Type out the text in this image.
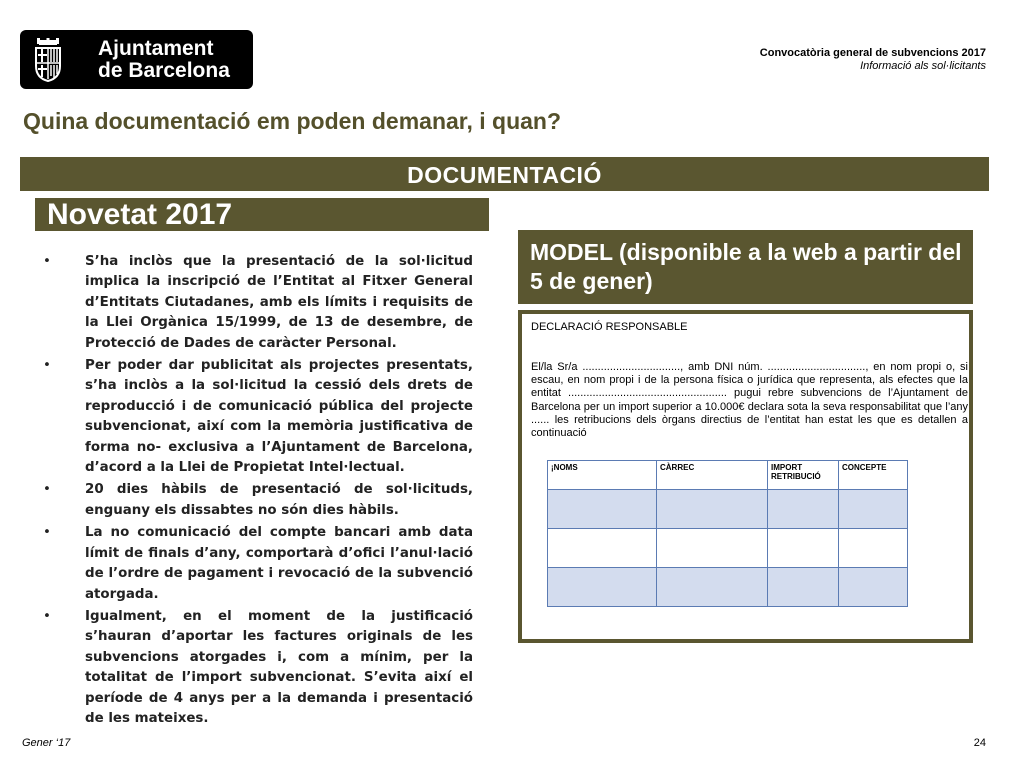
Ajuntament
de Barcelona
Convocatòria general de subvencions 2017
Informació als sol·licitants
Quina documentació em poden demanar, i quan?
DOCUMENTACIÓ
Novetat 2017
•	S’ha inclòs que la presentació de la sol·licitud implica la inscripció de l’Entitat al Fitxer General d’Entitats Ciutadanes, amb els límits i requisits de la Llei Orgànica 15/1999, de 13 de desembre, de Protecció de Dades de caràcter Personal.
•	Per poder dar publicitat als projectes presentats, s’ha inclòs a la sol·licitud la cessió dels drets de reproducció i de comunicació pública del projecte subvencionat, així com la memòria justificativa de forma no- exclusiva a l’Ajuntament de Barcelona, d’acord a la Llei de Propietat Intel·lectual.
•	20 dies hàbils de presentació de sol·licituds, enguany els dissabtes no són dies hàbils.
•	La no comunicació del compte bancari amb data límit de finals d’any, comportarà d’ofici l’anul·lació de l’ordre de pagament i revocació de la subvenció atorgada.
•	Igualment, en el moment de la justificació s’hauran d’aportar les factures originals de les subvencions atorgades i, com a mínim, per la totalitat de l’import subvencionat. S’evita així el període de 4 anys per a la demanda i presentació de les mateixes.
MODEL (disponible a la web a partir del 5 de gener)
DECLARACIÓ RESPONSABLE
El/la Sr/a ................................, amb DNI núm. ................................, en nom propi o, si escau, en nom propi i de la persona física o jurídica que representa, als efectes que la entitat .................................................... pugui rebre subvencions de l’Ajuntament de Barcelona per un import superior a 10.000€ declara sota la seva responsabilitat que l’any ...... les retribucions dels òrgans directius de l’entitat han estat les que es detallen a continuació
¡NOMS	CÀRREC	IMPORT RETRIBUCIÓ	CONCEPTE

Gener ‘17	24
